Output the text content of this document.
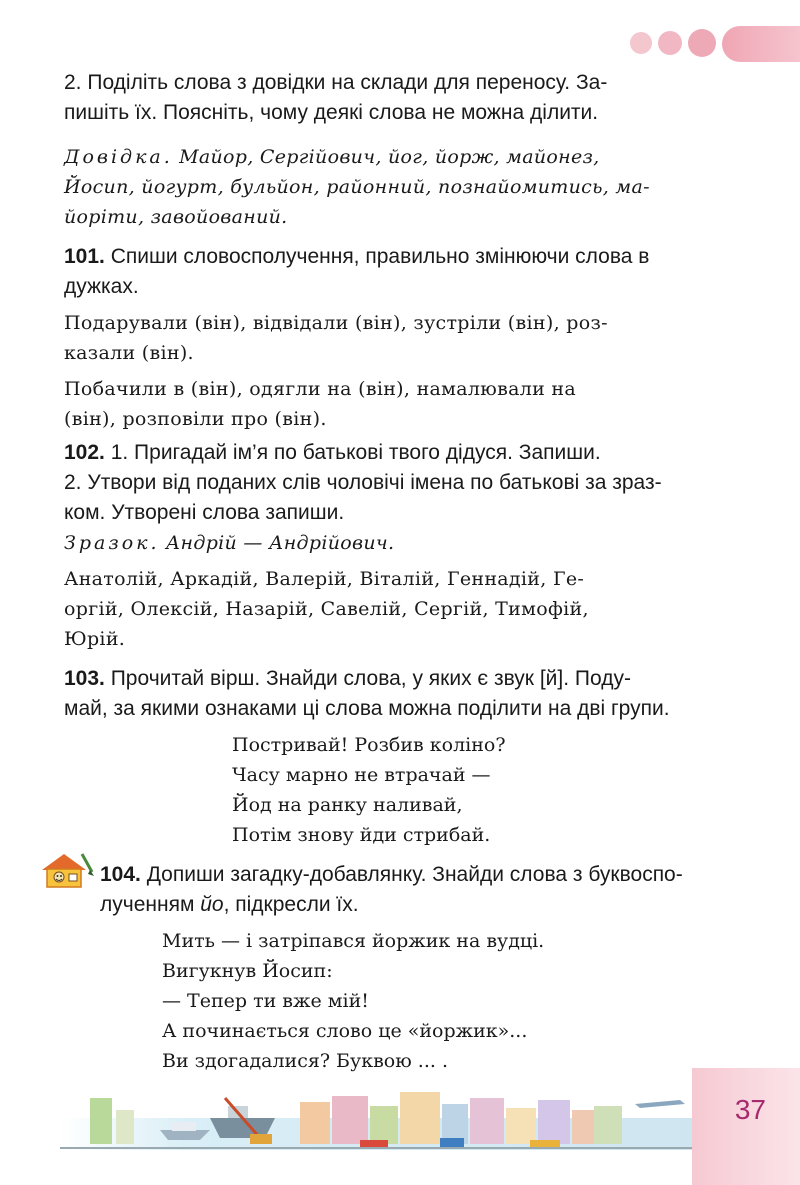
2. Поділіть слова з довідки на склади для переносу. За-
пишіть їх. Поясніть, чому деякі слова не можна ділити.
Довідка. Майор, Сергійович, йог, йорж, майонез,
Йосип, йогурт, бульйон, районний, познайомитись, ма-
йоріти, завойований.
101. Спиши словосполучення, правильно змінюючи слова в
дужках.
Подарували (він), відвідали (він), зустріли (він), роз-
казали (він).
Побачили в (він), одягли на (він), намалювали на
(він), розповіли про (він).
102. 1. Пригадай ім’я по батькові твого дідуся. Запиши.
2. Утвори від поданих слів чоловічі імена по батькові за зраз-
ком. Утворені слова запиши.
Зразок. Андрій — Андрійович.
Анатолій, Аркадій, Валерій, Віталій, Геннадій, Ге-
оргій, Олексій, Назарій, Савелій, Сергій, Тимофій,
Юрій.
103. Прочитай вірш. Знайди слова, у яких є звук [й]. Поду-
май, за якими ознаками ці слова можна поділити на дві групи.
Постривай! Розбив коліно?
Часу марно не втрачай —
Йод на ранку наливай,
Потім знову йди стрибай.
104. Допиши загадку-добавлянку. Знайди слова з буквоспо-
лученням йо, підкресли їх.
Мить — і затріпався йоржик на вудці.
Вигукнув Йосип:
— Тепер ти вже мій!
А починається слово це «йоржик»...
Ви здогадалися? Буквою ... .
37
